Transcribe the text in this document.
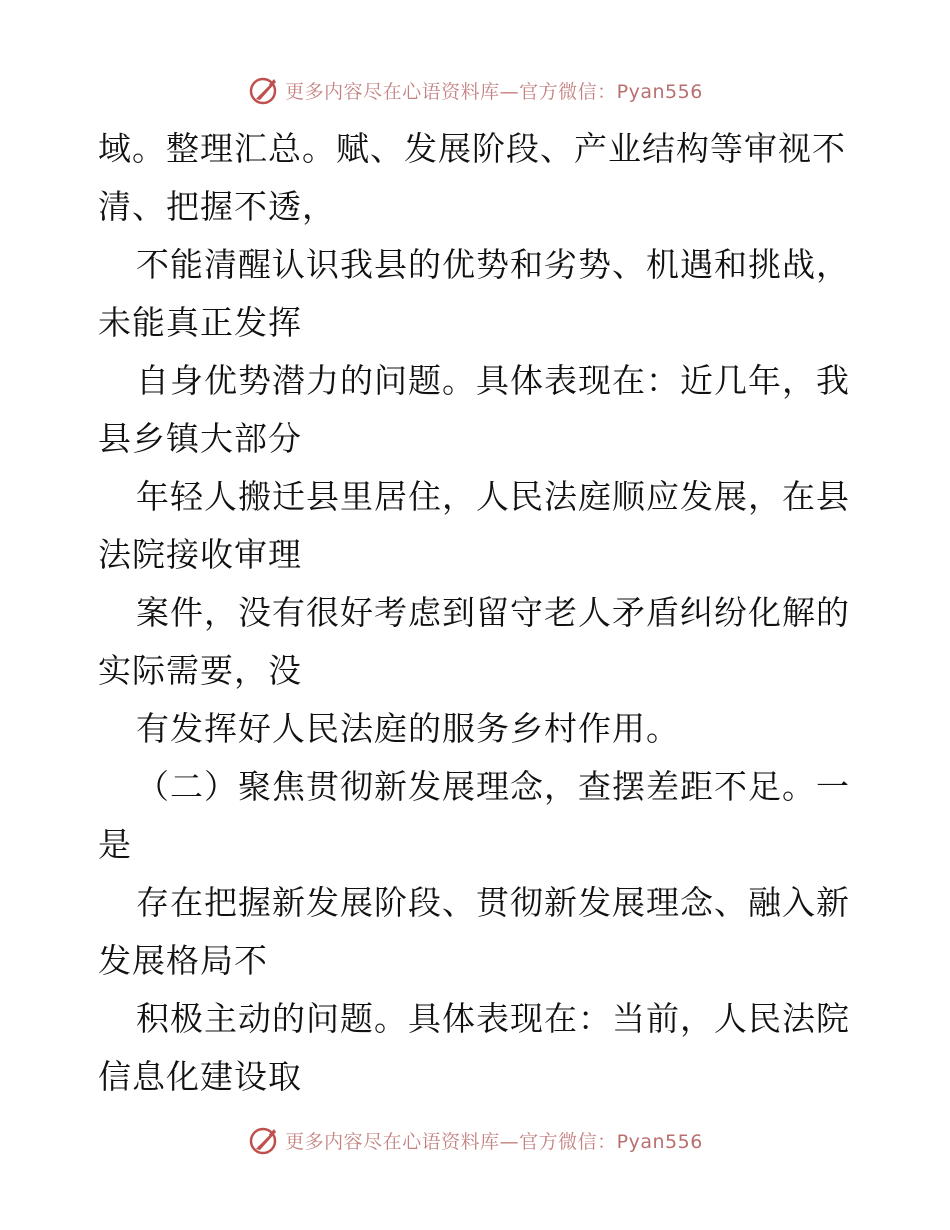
更多内容尽在心语资料库—官方微信：Pyan556
域。整理汇总。赋、发展阶段、产业结构等审视不
清、把握不透，
不能清醒认识我县的优势和劣势、机遇和挑战，
未能真正发挥
自身优势潜力的问题。具体表现在：近几年，我
县乡镇大部分
年轻人搬迁县里居住，人民法庭顺应发展，在县
法院接收审理
案件，没有很好考虑到留守老人矛盾纠纷化解的
实际需要，没
有发挥好人民法庭的服务乡村作用。
（二）聚焦贯彻新发展理念，查摆差距不足。一
是
存在把握新发展阶段、贯彻新发展理念、融入新
发展格局不
积极主动的问题。具体表现在：当前，人民法院
信息化建设取
更多内容尽在心语资料库—官方微信：Pyan556
